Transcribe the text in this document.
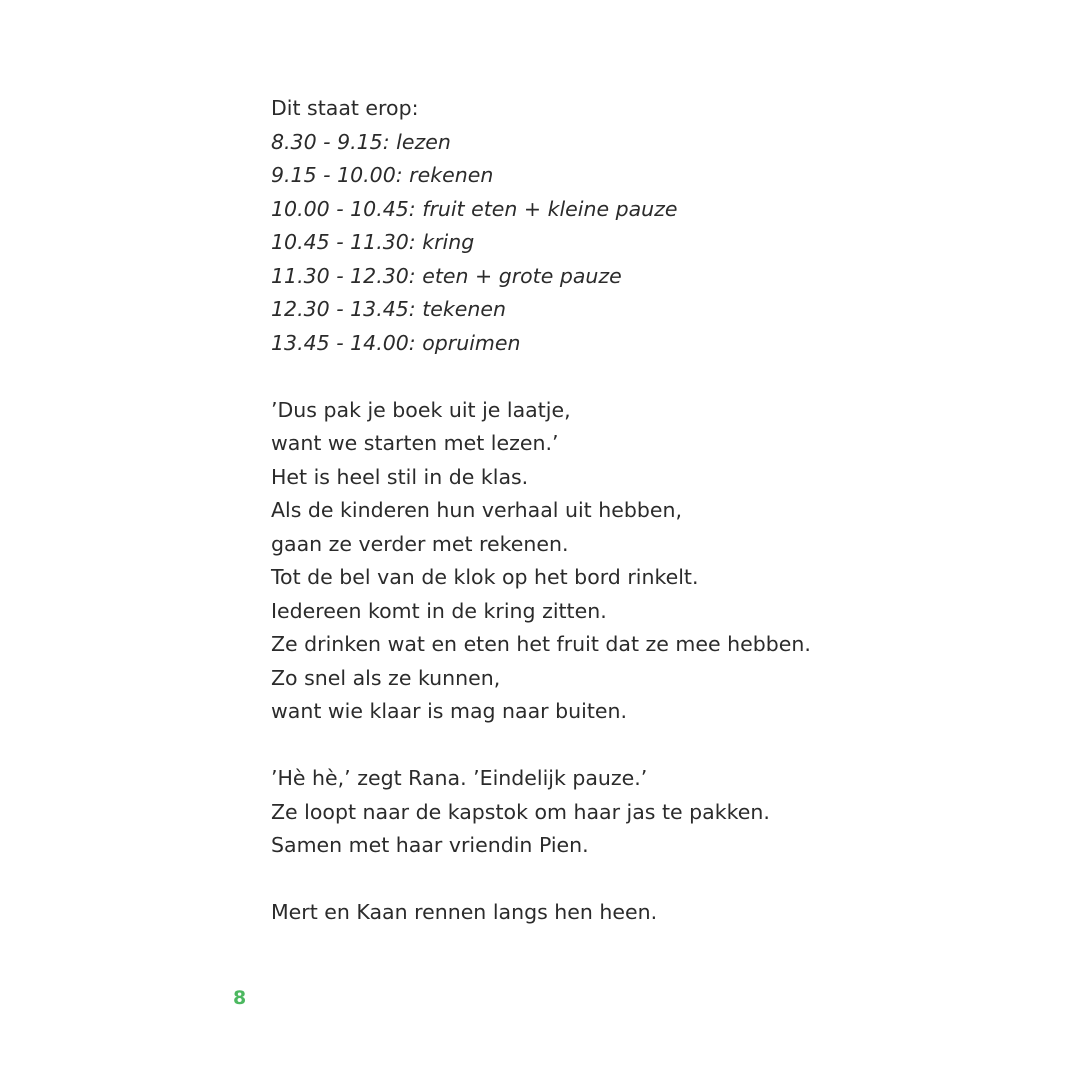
Dit staat erop:
8.30 - 9.15: lezen
9.15 - 10.00: rekenen
10.00 - 10.45: fruit eten + kleine pauze
10.45 - 11.30: kring
11.30 - 12.30: eten + grote pauze
12.30 - 13.45: tekenen
13.45 - 14.00: opruimen
’Dus pak je boek uit je laatje,
want we starten met lezen.’
Het is heel stil in de klas.
Als de kinderen hun verhaal uit hebben,
gaan ze verder met rekenen.
Tot de bel van de klok op het bord rinkelt.
Iedereen komt in de kring zitten.
Ze drinken wat en eten het fruit dat ze mee hebben.
Zo snel als ze kunnen,
want wie klaar is mag naar buiten.
’Hè hè,’ zegt Rana. ’Eindelijk pauze.’
Ze loopt naar de kapstok om haar jas te pakken.
Samen met haar vriendin Pien.
Mert en Kaan rennen langs hen heen.
8
